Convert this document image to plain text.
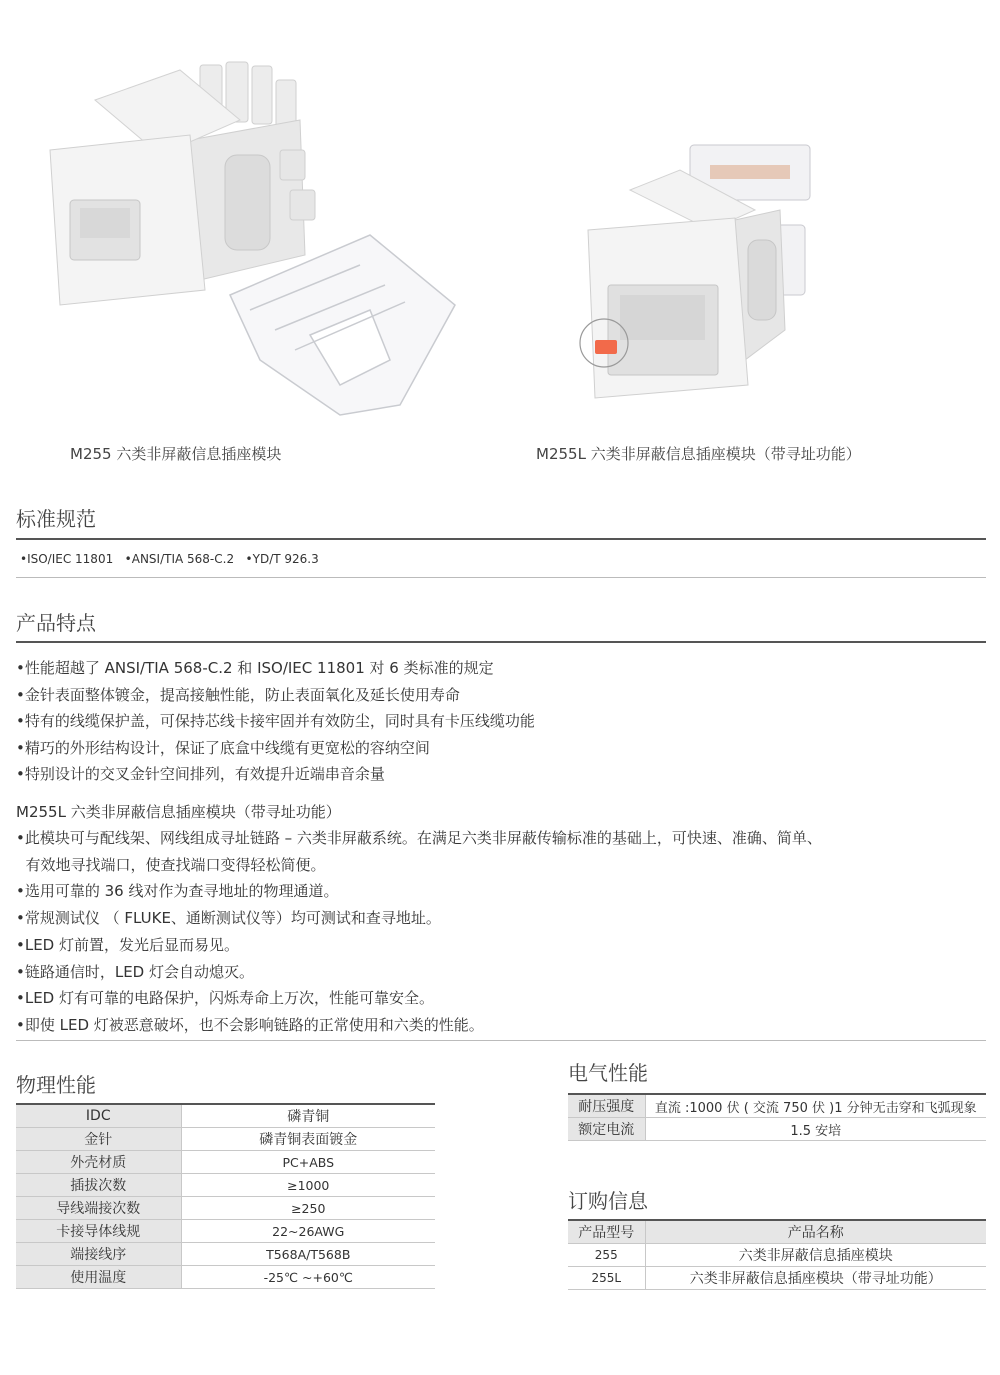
M255 六类非屏蔽信息插座模块	M255L 六类非屏蔽信息插座模块（带寻址功能）
标准规范
•ISO/IEC 11801 •ANSI/TIA 568-C.2 •YD/T 926.3
产品特点
•性能超越了 ANSI/TIA 568-C.2 和 ISO/IEC 11801 对 6 类标准的规定
•金针表面整体镀金，提高接触性能，防止表面氧化及延长使用寿命
•特有的线缆保护盖，可保持芯线卡接牢固并有效防尘，同时具有卡压线缆功能
•精巧的外形结构设计，保证了底盒中线缆有更宽松的容纳空间
•特别设计的交叉金针空间排列，有效提升近端串音余量
M255L 六类非屏蔽信息插座模块（带寻址功能）
•此模块可与配线架、网线组成寻址链路 – 六类非屏蔽系统。在满足六类非屏蔽传输标准的基础上，可快速、准确、简单、
有效地寻找端口，使查找端口变得轻松简便。
•选用可靠的 36 线对作为查寻地址的物理通道。
•常规测试仪 （ FLUKE、通断测试仪等）均可测试和查寻地址。
•LED 灯前置，发光后显而易见。
•链路通信时，LED 灯会自动熄灭。
•LED 灯有可靠的电路保护，闪烁寿命上万次，性能可靠安全。
•即使 LED 灯被恶意破坏，也不会影响链路的正常使用和六类的性能。
物理性能
IDC	磷青铜
金针	磷青铜表面镀金
外壳材质	PC+ABS
插拔次数	≥1000
导线端接次数	≥250
卡接导体线规	22~26AWG
端接线序	T568A/T568B
使用温度	-25℃ ~+60℃
电气性能
耐压强度	直流 :1000 伏 ( 交流 750 伏 )1 分钟无击穿和飞弧现象
额定电流	1.5 安培
订购信息
产品型号	产品名称
255	六类非屏蔽信息插座模块
255L	六类非屏蔽信息插座模块（带寻址功能）
